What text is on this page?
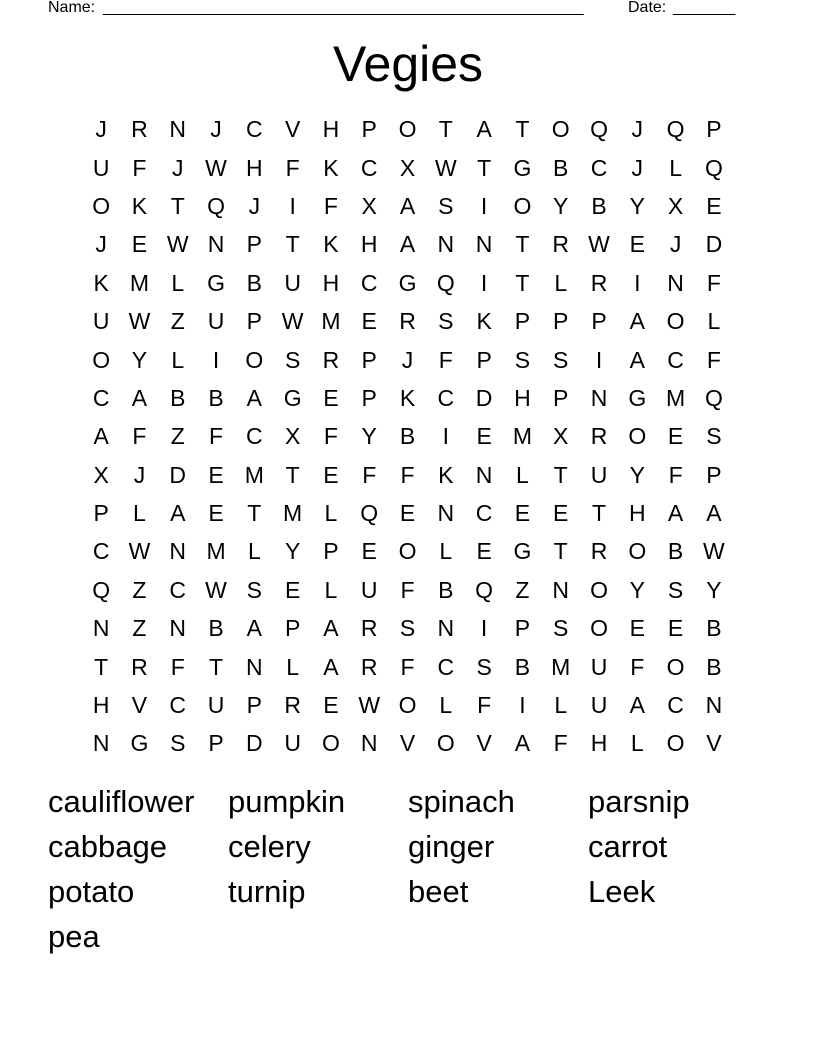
Name: ______________________________________________________	Date: _______
Vegies
J	R N	J	C V H P O T	A	T O Q	J	Q P
U F	J W H F	K C X W T G B C	J	L Q
O K	T Q	J	I	F	X A S	I	O Y B Y X E
J	E W N P	T	K H A N N T R W E	J	D
K M L G B U H C G Q	I	T	L	R	I	N F
U W Z U P W M E R S K P P P A O L
O Y	L	I	O S R P	J	F	P S S	I	A C F
C A B B A G E P K C D H P N G M Q
A	F	Z	F C X	F	Y B	I	E M X R O E S
X	J	D E M T	E	F	F	K N	L	T U Y	F	P
P	L	A E	T M L Q E N C E E	T H A A
C W N M L	Y P E O L	E G T R O B W
Q Z C W S E	L	U F	B Q Z N O Y S Y
N Z N B A P A R S N	I	P S O E E B
T R F	T N	L	A R F C S B M U F O B
H V C U P R E W O L	F	I	L	U A C N
N G S P D U O N V O V A	F H	L O V
cauliflower	pumpkin	spinach	parsnip
cabbage	celery	ginger	carrot
potato	turnip	beet	Leek
pea
